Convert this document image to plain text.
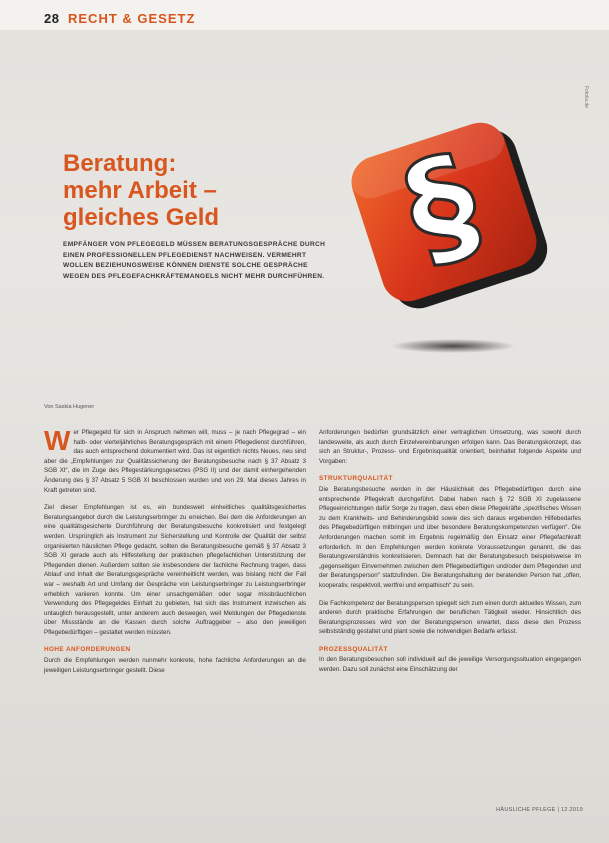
28 RECHT & GESETZ
Fotolia.de
Beratung:
mehr Arbeit –
gleiches Geld
EMPFÄNGER VON PFLEGEGELD MÜSSEN BERATUNGSGESPRÄCHE DURCH EINEN PROFESSIONELLEN PFLEGEDIENST NACHWEISEN. VERMEHRT WOLLEN BEZIEHUNGSWEISE KÖNNEN DIENSTE SOLCHE GESPRÄCHE WEGEN DES PFLEGEFACHKRÄFTEMANGELS NICHT MEHR DURCHFÜHREN. §
Von Saskia Hugener

Wer Pflegegeld für sich in Anspruch nehmen will, muss – je nach Pflegegrad – ein halb- oder vierteljährliches Beratungsgespräch mit einem Pflegedienst durchführen, das auch entsprechend dokumentiert wird. Das ist eigentlich nichts Neues, neu sind aber die „Empfehlungen zur Qualitätssicherung der Beratungsbesuche nach § 37 Absatz 3 SGB XI“, die im Zuge des Pflegestärkungsgesetzes (PSG II) und der damit einhergehenden Änderung des § 37 Absatz 5 SGB XI beschlossen wurden und von 29. Mai dieses Jahres in Kraft getreten sind.

Ziel dieser Empfehlungen ist es, ein bundesweit einheitliches qualitätsgesichertes Beratungsangebot durch die Leistungserbringer zu erreichen. Bei dem die Anforderungen an eine qualitätsgesicherte Durchführung der Beratungsbesuche konkretisiert und festgelegt werden. Ursprünglich als Instrument zur Sicherstellung und Kontrolle der Qualität der selbst organisierten häuslichen Pflege gedacht, sollten die Beratungsbesuche gemäß § 37 Absatz 3 SGB XI gerade auch als Hilfestellung der praktischen pflegefachlichen Unterstützung der Pflegenden dienen. Außerdem sollten sie insbesondere der fachliche Rechnung tragen, dass Ablauf und Inhalt der Beratungsgespräche vereinheitlicht werden, was bislang nicht der Fall war – weshalb Art und Umfang der Gespräche von Leistungserbringer zu Leistungserbringer erheblich variieren konnte. Um einer unsachgemäßen oder sogar missbräuchlichen Verwendung des Pflegegeldes Einhalt zu gebieten, hat sich das Instrument inzwischen als untauglich herausgestellt, unter anderem auch deswegen, weil Meldungen der Pflegedienste über Missstände an die Kassen durch solche Auftraggeber – also den jeweiligen Pflegebedürftigen – gestaltet werden müssten.

HOHE ANFORDERUNGEN

Durch die Empfehlungen werden nunmehr konkrete, hohe fachliche Anforderungen an die jeweiligen Leistungserbringer gestellt. Diese

Anforderungen bedürfen grundsätzlich einer vertraglichen Umsetzung, was sowohl durch landesweite, als auch durch Einzelvereinbarungen erfolgen kann. Das Beratungskonzept, das sich an Struktur-, Prozess- und Ergebnisqualität orientiert, beinhaltet folgende Aspekte und Vorgaben:

STRUKTURQUALITÄT

Die Beratungsbesuche werden in der Häuslichkeit des Pflegebedürftigen durch eine entsprechende Pflegekraft durchgeführt. Dabei haben nach § 72 SGB XI zugelassene Pflegeeinrichtungen dafür Sorge zu tragen, dass eben diese Pflegekräfte „spezifisches Wissen zu dem Krankheits- und Behinderungsbild sowie des sich daraus ergebenden Hilfebedarfes des Pflegebedürftigen mitbringen und über besondere Beratungskompetenzen verfügen“. Die Anforderungen machen somit im Ergebnis regelmäßig den Einsatz einer Pflegefachkraft erforderlich. In den Empfehlungen werden konkrete Voraussetzungen genannt, die das Beratungsverständnis konkretisieren. Demnach hat der Beratungsbesuch beispielsweise im „gegenseitigen Einvernehmen zwischen dem Pflegebedürftigen und/oder dem Pflegenden und der Beratungsperson“ stattzufinden. Die Beratungshaltung der beratenden Person hat „offen, kooperativ, respektvoll, wertfrei und empathisch“ zu sein.

Die Fachkompetenz der Beratungsperson spiegelt sich zum einen durch aktuelles Wissen, zum anderen durch praktische Erfahrungen der beruflichen Tätigkeit wieder. Hinsichtlich des Beratungsprozesses wird von der Beratungsperson erwartet, dass diese den Prozess selbstständig gestaltet und plant sowie die notwendigen Bedarfe erfasst.

PROZESSQUALITÄT

In den Beratungsbesuchen soll individuell auf die jeweilige Versorgungssituation eingegangen werden. Dazu soll zunächst eine Einschätzung der

HÄUSLICHE PFLEGE | 12.2019
